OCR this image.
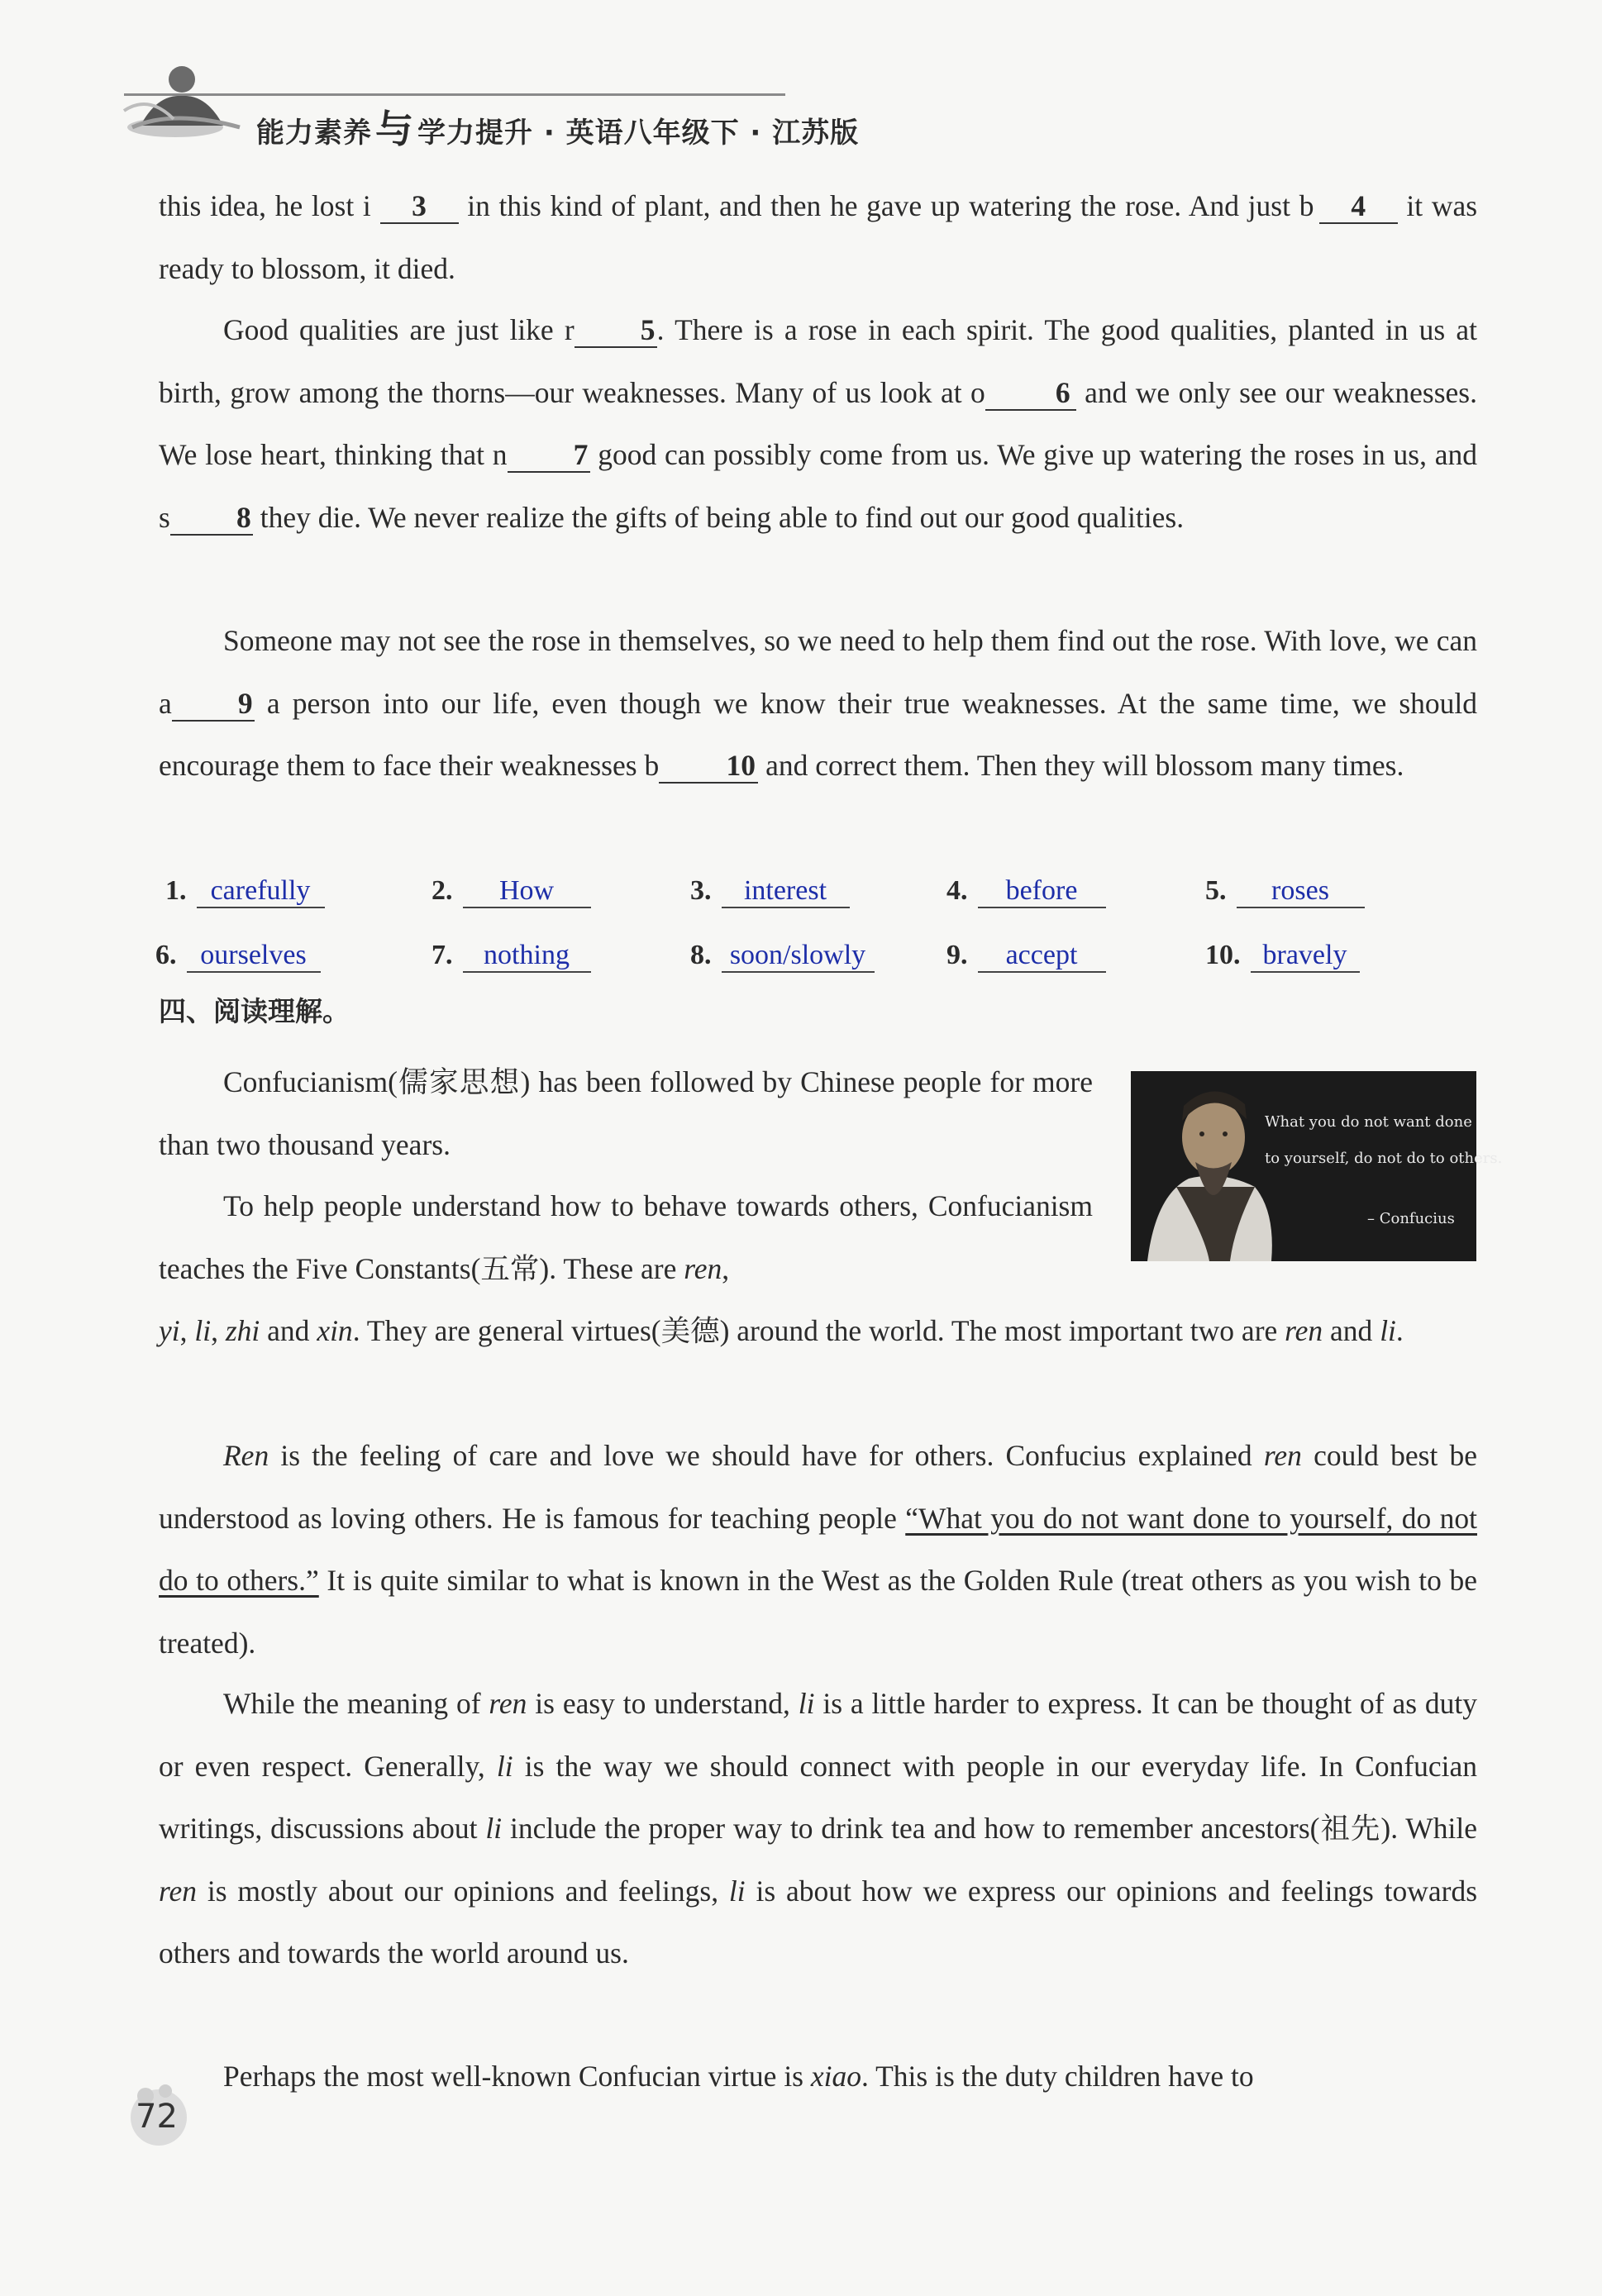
能力素养与 学力提升 · 英语八年级下 · 江苏版
this idea, he lost i 3 in this kind of plant, and then he gave up watering the rose. And just b 4 it was ready to blossom, it died.
Good qualities are just like r 5. There is a rose in each spirit. The good qualities, planted in us at birth, grow among the thorns—our weaknesses. Many of us look at o 6 and we only see our weaknesses. We lose heart, thinking that n 7 good can possibly come from us. We give up watering the roses in us, and s 8 they die. We never realize the gifts of being able to find out our good qualities.
Someone may not see the rose in themselves, so we need to help them find out the rose. With love, we can a 9 a person into our life, even though we know their true weaknesses. At the same time, we should encourage them to face their weaknesses b 10 and correct them. Then they will blossom many times.
1. carefully	2. How	3. interest	4. before	5. roses
6. ourselves	7. nothing	8. soon/slowly	9. accept	10. bravely
四、阅读理解。
Confucianism(儒家思想) has been followed by Chinese people for more than two thousand years.
What you do not want done
to yourself, do not do to others.
– Confucius
To help people understand how to behave towards others, Confucianism teaches the Five Constants(五常). These are ren,
yi, li, zhi and xin. They are general virtues(美德) around the world. The most important two are ren and li.
Ren is the feeling of care and love we should have for others. Confucius explained ren could best be understood as loving others. He is famous for teaching people “What you do not want done to yourself, do not do to others.” It is quite similar to what is known in the West as the Golden Rule (treat others as you wish to be treated).
While the meaning of ren is easy to understand, li is a little harder to express. It can be thought of as duty or even respect. Generally, li is the way we should connect with people in our everyday life. In Confucian writings, discussions about li include the proper way to drink tea and how to remember ancestors(祖先). While ren is mostly about our opinions and feelings, li is about how we express our opinions and feelings towards others and towards the world around us.
Perhaps the most well-known Confucian virtue is xiao. This is the duty children have to
72
